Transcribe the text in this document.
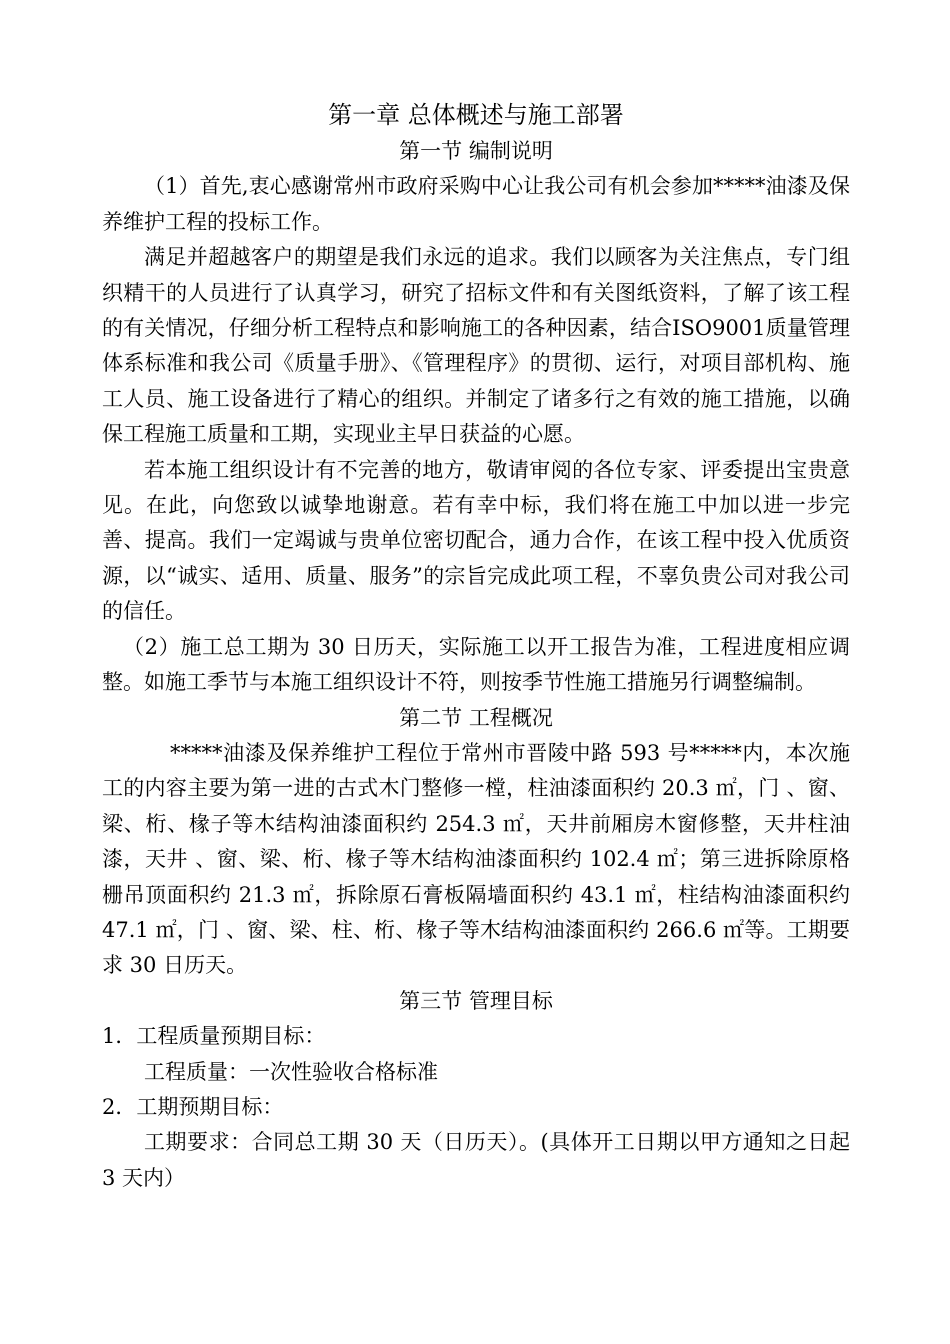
第一章 总体概述与施工部署
第一节 编制说明

（1）首先,衷心感谢常州市政府采购中心让我公司有机会参加*****油漆及保养维护工程的投标工作。

满足并超越客户的期望是我们永远的追求。我们以顾客为关注焦点，专门组织精干的人员进行了认真学习，研究了招标文件和有关图纸资料，了解了该工程的有关情况，仔细分析工程特点和影响施工的各种因素，结合ISO9001质量管理体系标准和我公司《质量手册》、《管理程序》的贯彻、运行，对项目部机构、施工人员、施工设备进行了精心的组织。并制定了诸多行之有效的施工措施，以确保工程施工质量和工期，实现业主早日获益的心愿。

若本施工组织设计有不完善的地方，敬请审阅的各位专家、评委提出宝贵意见。在此，向您致以诚挚地谢意。若有幸中标，我们将在施工中加以进一步完善、提高。我们一定竭诚与贵单位密切配合，通力合作，在该工程中投入优质资源，以“诚实、适用、质量、服务”的宗旨完成此项工程，不辜负贵公司对我公司的信任。

（2）施工总工期为 30 日历天，实际施工以开工报告为准，工程进度相应调整。如施工季节与本施工组织设计不符，则按季节性施工措施另行调整编制。

第二节 工程概况

*****油漆及保养维护工程位于常州市晋陵中路 593 号*****内，本次施工的内容主要为第一进的古式木门整修一樘，柱油漆面积约 20.3 ㎡，门 、窗、梁、桁、椽子等木结构油漆面积约 254.3 ㎡，天井前厢房木窗修整，天井柱油漆，天井 、窗、梁、桁、椽子等木结构油漆面积约 102.4 ㎡；第三进拆除原格栅吊顶面积约 21.3 ㎡，拆除原石膏板隔墙面积约 43.1 ㎡，柱结构油漆面积约 47.1 ㎡，门 、窗、梁、柱、桁、椽子等木结构油漆面积约 266.6 ㎡等。工期要求 30 日历天。

第三节 管理目标

1．工程质量预期目标：

工程质量：一次性验收合格标准

2．工期预期目标：

工期要求：合同总工期 30 天（日历天）。(具体开工日期以甲方通知之日起 3 天内）
